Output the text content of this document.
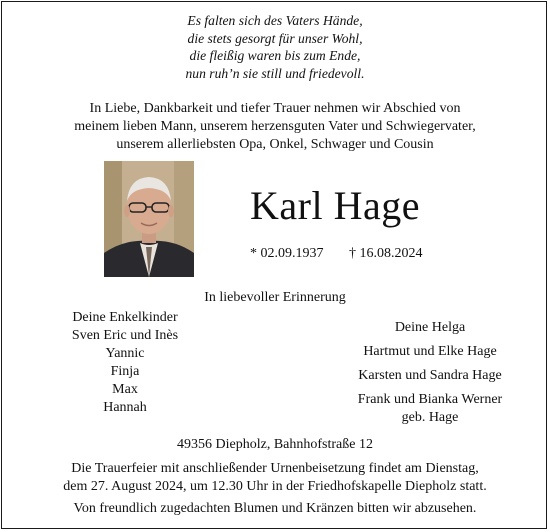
Es falten sich des Vaters Hände,
die stets gesorgt für unser Wohl,
die fleißig waren bis zum Ende,
nun ruh’n sie still und friedevoll.
In Liebe, Dankbarkeit und tiefer Trauer nehmen wir Abschied von
meinem lieben Mann, unserem herzensguten Vater und Schwiegervater,
unserem allerliebsten Opa, Onkel, Schwager und Cousin
Karl Hage
* 02.09.1937 † 16.08.2024
In liebevoller Erinnerung
Deine Enkelkinder
Sven Eric und Inès
Yannic
Finja
Max
Hannah
Deine Helga
Hartmut und Elke Hage
Karsten und Sandra Hage
Frank und Bianka Werner
geb. Hage
49356 Diepholz, Bahnhofstraße 12
Die Trauerfeier mit anschließender Urnenbeisetzung findet am Dienstag,
dem 27. August 2024, um 12.30 Uhr in der Friedhofskapelle Diepholz statt.
Von freundlich zugedachten Blumen und Kränzen bitten wir abzusehen.
